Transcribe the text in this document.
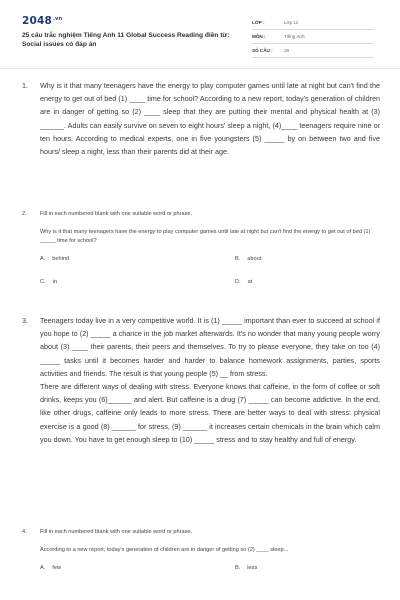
$2048^{.vn}$
25 câu trắc nghiệm Tiếng Anh 11 Global Success Reading điền từ: Social issues có đáp án
LỚP :	Lớp 11
MÔN :	Tiếng Anh
SỐ CÂU :	28
1. Why is it that many teenagers have the energy to play computer games until late at night but can't find the energy to get out of bed (1) ____ time for school? According to a new report, today's generation of children are in danger of getting so (2) ____ sleep that they are putting their mental and physical health at (3) ______. Adults can easily survive on seven to eight hours' sleep a night, (4)____ teenagers require nine or ten hours. According to medical experts, one in five youngsters (5) _____ by on between two and five hours/ sleep a night, less than their parents did at their age.

2. Fill in each numbered blank with one suitable word or phrase.
Why is it that many teenagers have the energy to play computer games until late at night but can't find the energy to get out of bed (1) _____ time for school?
A. behind	B. about
C. in	D. at
3. Teenagers today live in a very competitive world. It is (1) _____ important than ever to succeed at school if you hope to (2) _____ a chance in the job market afterwards. It's no wonder that many young people worry about (3) ____ their parents, their peers and themselves. To try to please everyone, they take on too (4) _____ tasks until it becomes harder and harder to balance homework assignments, parties, sports activities and friends. The result is that young people (5) __ from stress.

There are different ways of dealing with stress. Everyone knows that caffeine, in the form of coffee or soft drinks, keeps you (6)______ and alert. But caffeine is a drug (7) _____ can become addictive. In the end, like other drugs, caffeine only leads to more stress. There are better ways to deal with stress: physical exercise is a good (8) ______ for stress, (9) ______ it increases certain chemicals in the brain which calm you down. You have to get enough sleep to (10) _____ stress and to stay healthy and full of energy.

4. Fill in each numbered blank with one suitable word or phrase.
According to a new report, today's generation of children are in danger of getting so (2) ____ sleep...
A. few	B. less
